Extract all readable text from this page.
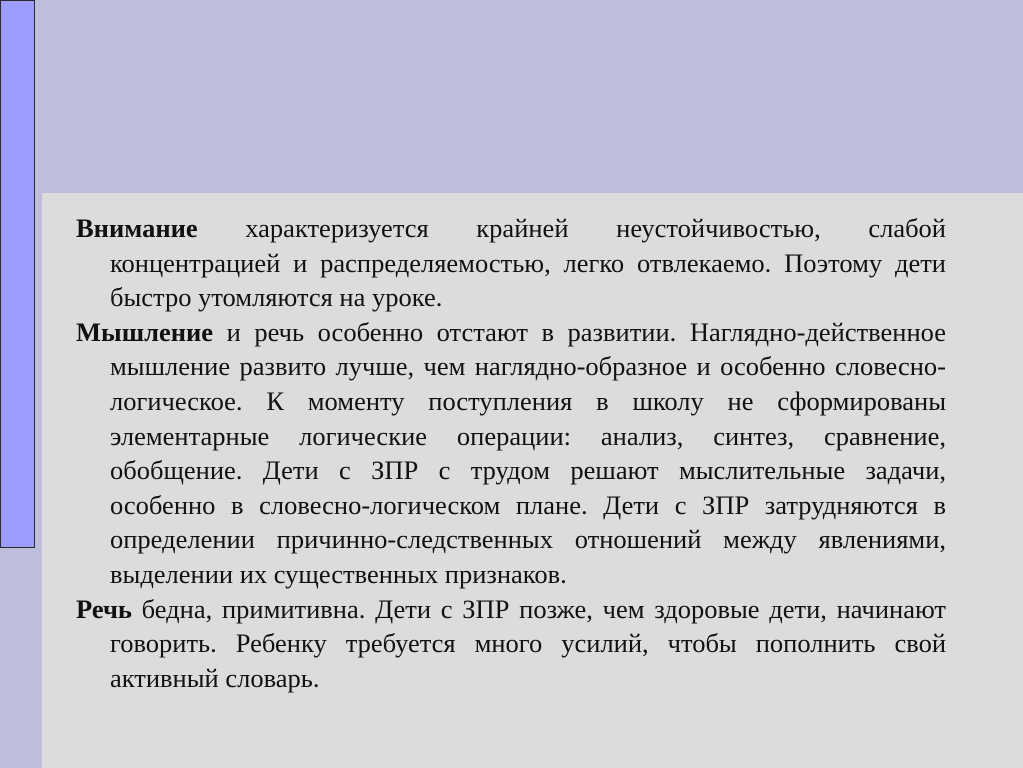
Внимание характеризуется крайней неустойчивостью, слабой концентрацией и распределяемостью, легко отвлекаемо. Поэтому дети быстро утомляются на уроке.

Мышление и речь особенно отстают в развитии. Наглядно-действенное мышление развито лучше, чем наглядно-образное и особенно словесно-логическое. К моменту поступления в школу не сформированы элементарные логические операции: анализ, синтез, сравнение, обобщение. Дети с ЗПР с трудом решают мыслительные задачи, особенно в словесно-логическом плане. Дети с ЗПР затрудняются в определении причинно-следственных отношений между явлениями, выделении их существенных признаков.

Речь бедна, примитивна. Дети с ЗПР позже, чем здоровые дети, начинают говорить. Ребенку требуется много усилий, чтобы пополнить свой активный словарь.
